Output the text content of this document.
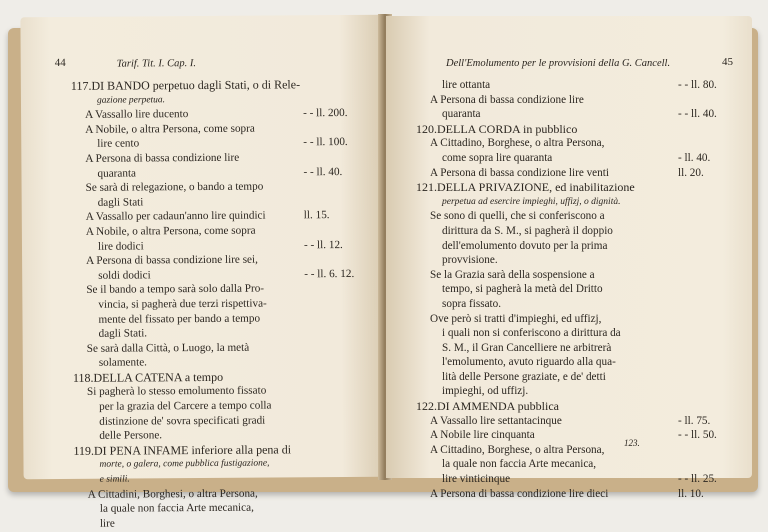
44	Tarif. Tit. I. Cap. I.
117.DI BANDO perpetuo dagli Stati, o di Rele-
gazione perpetua.
A Vassallo lire ducento	- - ll. 200.
A Nobile, o altra Persona, come sopra
lire cento	- - ll. 100.
A Persona di bassa condizione lire
quaranta	- - ll. 40.
Se sarà di relegazione, o bando a tempo
dagli Stati
A Vassallo per cadaun'anno lire quindici	ll. 15.
A Nobile, o altra Persona, come sopra
lire dodici	- - ll. 12.
A Persona di bassa condizione lire sei,
soldi dodici	- - ll. 6. 12.
Se il bando a tempo sarà solo dalla Pro-
vincia, si pagherà due terzi rispettiva-
mente del fissato per bando a tempo
dagli Stati.
Se sarà dalla Città, o Luogo, la metà
solamente.
118.DELLA CATENA a tempo
Si pagherà lo stesso emolumento fissato
per la grazia del Carcere a tempo colla
distinzione de' sovra specificati gradi
delle Persone.
119.DI PENA INFAME inferiore alla pena di
morte, o galera, come pubblica fustigazione,
e simili.
A Cittadini, Borghesi, o altra Persona,
la quale non faccia Arte mecanica,
lire
Dell'Emolumento per le provvisioni della G. Cancell.	45
lire ottanta	- - ll. 80.
A Persona di bassa condizione lire
quaranta	- - ll. 40.
120.DELLA CORDA in pubblico
A Cittadino, Borghese, o altra Persona,
come sopra lire quaranta	- ll. 40.
A Persona di bassa condizione lire venti	ll. 20.
121.DELLA PRIVAZIONE, ed inabilitazione
perpetua ad esercire impieghi, uffizj, o dignità.
Se sono di quelli, che si conferiscono a
dirittura da S. M., si pagherà il doppio
dell'emolumento dovuto per la prima
provvisione.
Se la Grazia sarà della sospensione a
tempo, si pagherà la metà del Dritto
sopra fissato.
Ove però si tratti d'impieghi, ed uffizj,
i quali non si conferiscono a dirittura da
S. M., il Gran Cancelliere ne arbitrerà
l'emolumento, avuto riguardo alla qua-
lità delle Persone graziate, e de' detti
impieghi, od uffizj.
122.DI AMMENDA pubblica
A Vassallo lire settantacinque	- ll. 75.
A Nobile lire cinquanta	- - ll. 50.
A Cittadino, Borghese, o altra Persona,
la quale non faccia Arte mecanica,
lire vinticinque	- - ll. 25.
A Persona di bassa condizione lire dieci	ll. 10.
123.
